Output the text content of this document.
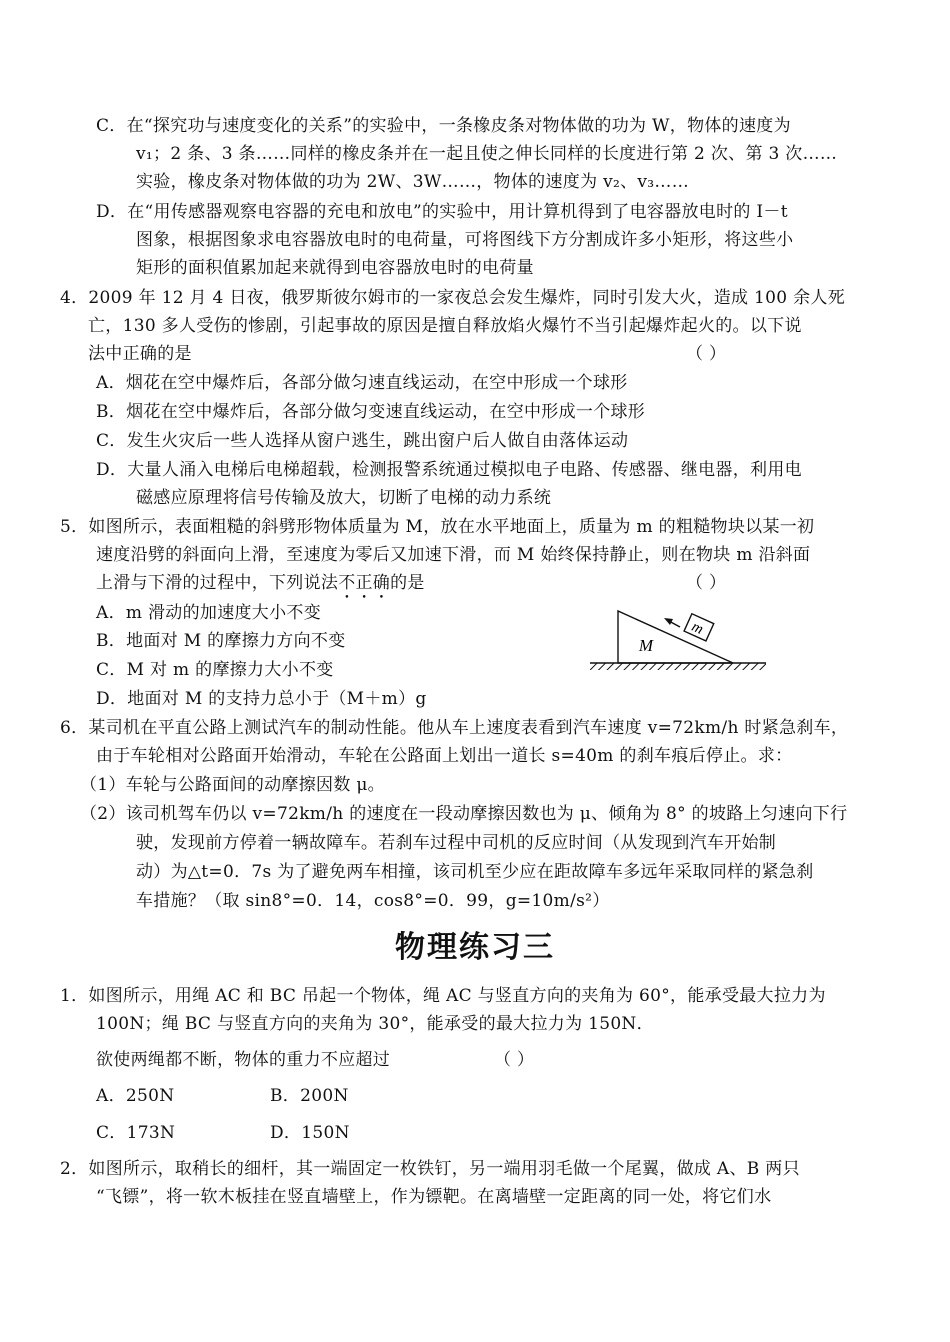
C．在“探究功与速度变化的关系”的实验中，一条橡皮条对物体做的功为 W，物体的速度为
v₁；2 条、3 条……同样的橡皮条并在一起且使之伸长同样的长度进行第 2 次、第 3 次……
实验，橡皮条对物体做的功为 2W、3W……，物体的速度为 v₂、v₃……
D．在“用传感器观察电容器的充电和放电”的实验中，用计算机得到了电容器放电时的 I－t
图象，根据图象求电容器放电时的电荷量，可将图线下方分割成许多小矩形，将这些小
矩形的面积值累加起来就得到电容器放电时的电荷量
4．2009 年 12 月 4 日夜，俄罗斯彼尔姆市的一家夜总会发生爆炸，同时引发大火，造成 100 余人死
亡，130 多人受伤的惨剧，引起事故的原因是擅自释放焰火爆竹不当引起爆炸起火的。以下说
法中正确的是	（ ）
A．烟花在空中爆炸后，各部分做匀速直线运动，在空中形成一个球形
B．烟花在空中爆炸后，各部分做匀变速直线运动，在空中形成一个球形
C．发生火灾后一些人选择从窗户逃生，跳出窗户后人做自由落体运动
D．大量人涌入电梯后电梯超载，检测报警系统通过模拟电子电路、传感器、继电器，利用电
磁感应原理将信号传输及放大，切断了电梯的动力系统
5．如图所示，表面粗糙的斜劈形物体质量为 M，放在水平地面上，质量为 m 的粗糙物块以某一初
速度沿劈的斜面向上滑，至速度为零后又加速下滑，而 M 始终保持静止，则在物块 m 沿斜面
上滑与下滑的过程中，下列说法不正确的是	（ ）
A．m 滑动的加速度大小不变
B．地面对 M 的摩擦力方向不变
C．M 对 m 的摩擦力大小不变
D．地面对 M 的支持力总小于（M＋m）g
m
M
6．某司机在平直公路上测试汽车的制动性能。他从车上速度表看到汽车速度 v=72km/h 时紧急刹车，
由于车轮相对公路面开始滑动，车轮在公路面上划出一道长 s=40m 的刹车痕后停止。求：
（1）车轮与公路面间的动摩擦因数 μ。
（2）该司机驾车仍以 v=72km/h 的速度在一段动摩擦因数也为 μ、倾角为 8° 的坡路上匀速向下行
驶，发现前方停着一辆故障车。若刹车过程中司机的反应时间（从发现到汽车开始制
动）为△t=0．7s 为了避免两车相撞，该司机至少应在距故障车多远年采取同样的紧急刹
车措施？（取 sin8°=0．14，cos8°=0．99，g=10m/s²）
物理练习三
1．如图所示，用绳 AC 和 BC 吊起一个物体，绳 AC 与竖直方向的夹角为 60°，能承受最大拉力为
100N；绳 BC 与竖直方向的夹角为 30°，能承受的最大拉力为 150N．
欲使两绳都不断，物体的重力不应超过	（ ）
A．250N	B．200N
C．173N	D．150N
2．如图所示，取稍长的细杆，其一端固定一枚铁钉，另一端用羽毛做一个尾翼，做成 A、B 两只
“飞镖”，将一软木板挂在竖直墙壁上，作为镖靶。在离墙壁一定距离的同一处，将它们水
